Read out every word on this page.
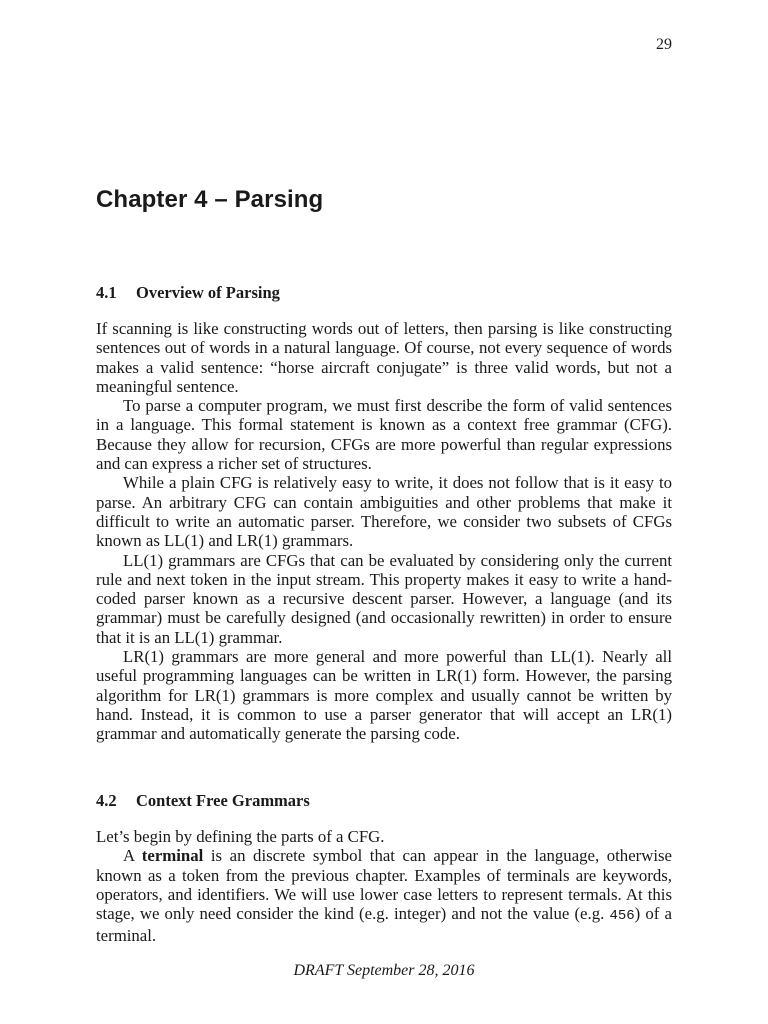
29
Chapter 4 – Parsing
4.1 Overview of Parsing

If scanning is like constructing words out of letters, then parsing is like constructing sentences out of words in a natural language. Of course, not every sequence of words makes a valid sentence: “horse aircraft conjugate” is three valid words, but not a meaningful sentence.

To parse a computer program, we must first describe the form of valid sentences in a language. This formal statement is known as a context free grammar (CFG). Because they allow for recursion, CFGs are more powerful than regular expressions and can express a richer set of structures.

While a plain CFG is relatively easy to write, it does not follow that is it easy to parse. An arbitrary CFG can contain ambiguities and other problems that make it difficult to write an automatic parser. Therefore, we consider two subsets of CFGs known as LL(1) and LR(1) grammars.

LL(1) grammars are CFGs that can be evaluated by considering only the current rule and next token in the input stream. This property makes it easy to write a hand-coded parser known as a recursive descent parser. However, a language (and its grammar) must be carefully designed (and occasionally rewritten) in order to ensure that it is an LL(1) grammar.

LR(1) grammars are more general and more powerful than LL(1). Nearly all useful programming languages can be written in LR(1) form. However, the parsing algorithm for LR(1) grammars is more complex and usually cannot be written by hand. Instead, it is common to use a parser generator that will accept an LR(1) grammar and automatically generate the parsing code.

4.2 Context Free Grammars

Let’s begin by defining the parts of a CFG.

A terminal is an discrete symbol that can appear in the language, otherwise known as a token from the previous chapter. Examples of terminals are keywords, operators, and identifiers. We will use lower case letters to represent termals. At this stage, we only need consider the kind (e.g. integer) and not the value (e.g. 456) of a terminal.

DRAFT September 28, 2016
